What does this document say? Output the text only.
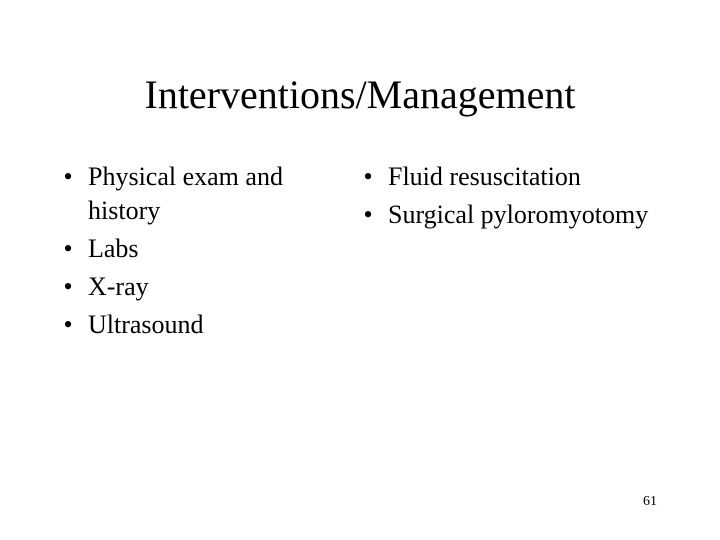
Interventions/Management
• Physical exam and history
• Labs
• X-ray
• Ultrasound
• Fluid resuscitation
• Surgical pyloromyotomy
61
